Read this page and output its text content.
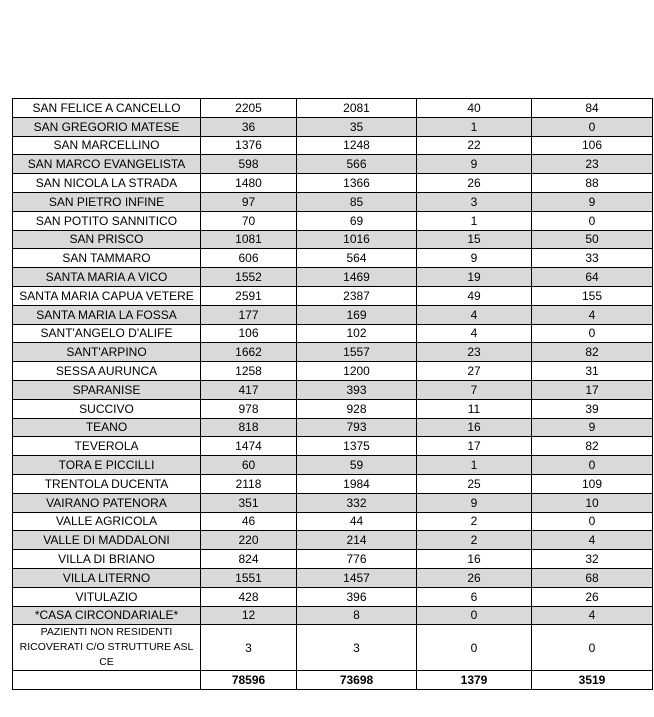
SAN FELICE A CANCELLO	2205	2081	40	84
SAN GREGORIO MATESE	36	35	1	0
SAN MARCELLINO	1376	1248	22	106
SAN MARCO EVANGELISTA	598	566	9	23
SAN NICOLA LA STRADA	1480	1366	26	88
SAN PIETRO INFINE	97	85	3	9
SAN POTITO SANNITICO	70	69	1	0
SAN PRISCO	1081	1016	15	50
SAN TAMMARO	606	564	9	33
SANTA MARIA A VICO	1552	1469	19	64
SANTA MARIA CAPUA VETERE	2591	2387	49	155
SANTA MARIA LA FOSSA	177	169	4	4
SANT'ANGELO D'ALIFE	106	102	4	0
SANT'ARPINO	1662	1557	23	82
SESSA AURUNCA	1258	1200	27	31
SPARANISE	417	393	7	17
SUCCIVO	978	928	11	39
TEANO	818	793	16	9
TEVEROLA	1474	1375	17	82
TORA E PICCILLI	60	59	1	0
TRENTOLA DUCENTA	2118	1984	25	109
VAIRANO PATENORA	351	332	9	10
VALLE AGRICOLA	46	44	2	0
VALLE DI MADDALONI	220	214	2	4
VILLA DI BRIANO	824	776	16	32
VILLA LITERNO	1551	1457	26	68
VITULAZIO	428	396	6	26
*CASA CIRCONDARIALE*	12	8	0	4
PAZIENTI NON RESIDENTI RICOVERATI C/O STRUTTURE ASL CE	3	3	0	0
	78596	73698	1379	3519
